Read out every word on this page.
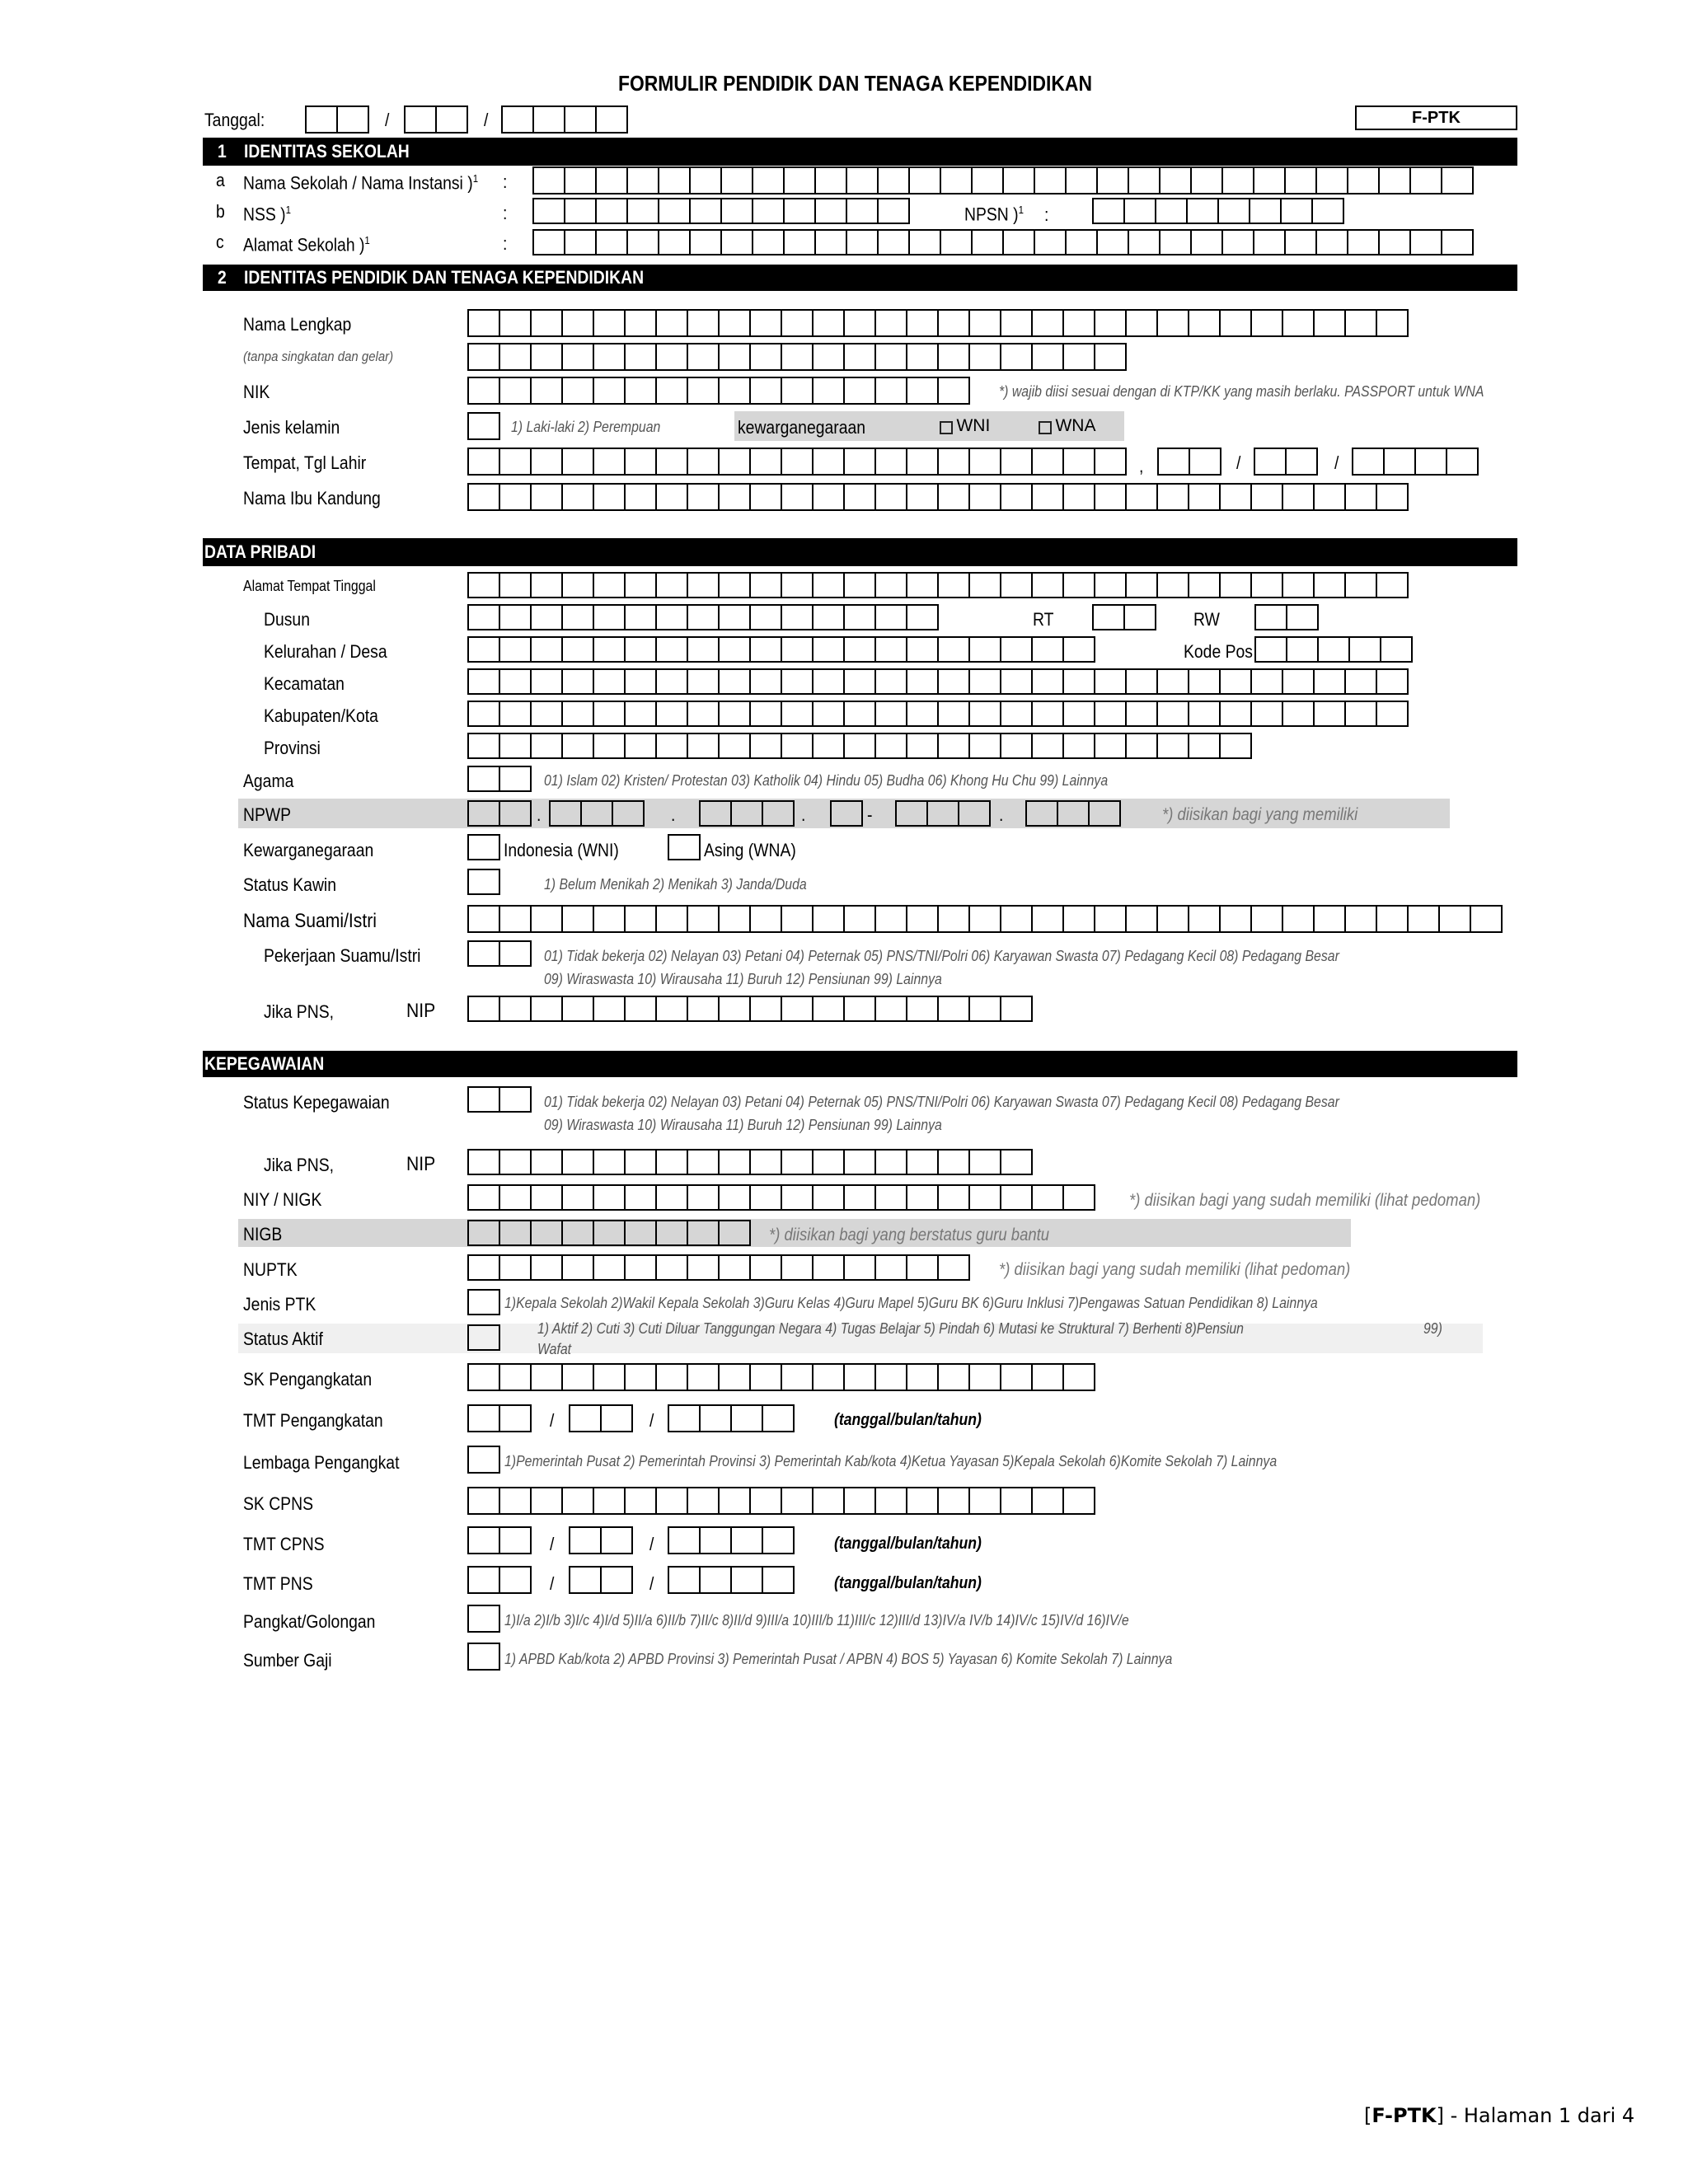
FORMULIR PENDIDIK DAN TENAGA KEPENDIDIKAN
Tanggal:	/	/	F-PTK
1 IDENTITAS SEKOLAH
a Nama Sekolah / Nama Instansi )$^1$ :
b NSS )$^1$	:	NPSN )$^1$ :
c Alamat Sekolah )$^1$	:
2 IDENTITAS PENDIDIK DAN TENAGA KEPENDIDIKAN
Nama Lengkap
(tanpa singkatan dan gelar)
NIK	*) wajib diisi sesuai dengan di KTP/KK yang masih berlaku. PASSPORT untuk WNA
Jenis kelamin	1) Laki-laki 2) Perempuan	kewarganegaraan	WNI	WNA
Tempat, Tgl Lahir	,	/	/
Nama Ibu Kandung
DATA PRIBADI
Alamat Tempat Tinggal
Dusun	RT	RW
Kelurahan / Desa	Kode Pos
Kecamatan
Kabupaten/Kota
Provinsi
Agama	01) Islam 02) Kristen/ Protestan 03) Katholik 04) Hindu 05) Budha 06) Khong Hu Chu 99) Lainnya
NPWP	.	.	.	-	.	*) diisikan bagi yang memiliki
Kewarganegaraan	Indonesia (WNI)	Asing (WNA)
Status Kawin	1) Belum Menikah 2) Menikah 3) Janda/Duda
Nama Suami/Istri
Pekerjaan Suamu/Istri	01) Tidak bekerja 02) Nelayan 03) Petani 04) Peternak 05) PNS/TNI/Polri 06) Karyawan Swasta 07) Pedagang Kecil 08) Pedagang Besar
09) Wiraswasta 10) Wirausaha 11) Buruh 12) Pensiunan 99) Lainnya
Jika PNS,	NIP
KEPEGAWAIAN
Status Kepegawaian	01) Tidak bekerja 02) Nelayan 03) Petani 04) Peternak 05) PNS/TNI/Polri 06) Karyawan Swasta 07) Pedagang Kecil 08) Pedagang Besar
09) Wiraswasta 10) Wirausaha 11) Buruh 12) Pensiunan 99) Lainnya
Jika PNS,	NIP
NIY / NIGK	*) diisikan bagi yang sudah memiliki (lihat pedoman)
NIGB	*) diisikan bagi yang berstatus guru bantu
NUPTK	*) diisikan bagi yang sudah memiliki (lihat pedoman)
Jenis PTK	1)Kepala Sekolah 2)Wakil Kepala Sekolah 3)Guru Kelas 4)Guru Mapel 5)Guru BK 6)Guru Inklusi 7)Pengawas Satuan Pendidikan 8) Lainnya
Status Aktif	1) Aktif 2) Cuti 3) Cuti Diluar Tanggungan Negara 4) Tugas Belajar 5) Pindah 6) Mutasi ke Struktural 7) Berhenti 8)Pensiun	99)
Wafat
SK Pengangkatan
TMT Pengangkatan	/	/	(tanggal/bulan/tahun)
Lembaga Pengangkat	1)Pemerintah Pusat 2) Pemerintah Provinsi 3) Pemerintah Kab/kota 4)Ketua Yayasan 5)Kepala Sekolah 6)Komite Sekolah 7) Lainnya
SK CPNS
TMT CPNS	/	/	(tanggal/bulan/tahun)
TMT PNS	/	/	(tanggal/bulan/tahun)
Pangkat/Golongan	1)I/a 2)I/b 3)I/c 4)I/d 5)II/a 6)II/b 7)II/c 8)II/d 9)III/a 10)III/b 11)III/c 12)III/d 13)IV/a IV/b 14)IV/c 15)IV/d 16)IV/e
Sumber Gaji	1) APBD Kab/kota 2) APBD Provinsi 3) Pemerintah Pusat / APBN 4) BOS 5) Yayasan 6) Komite Sekolah 7) Lainnya
[F-PTK] - Halaman 1 dari 4
